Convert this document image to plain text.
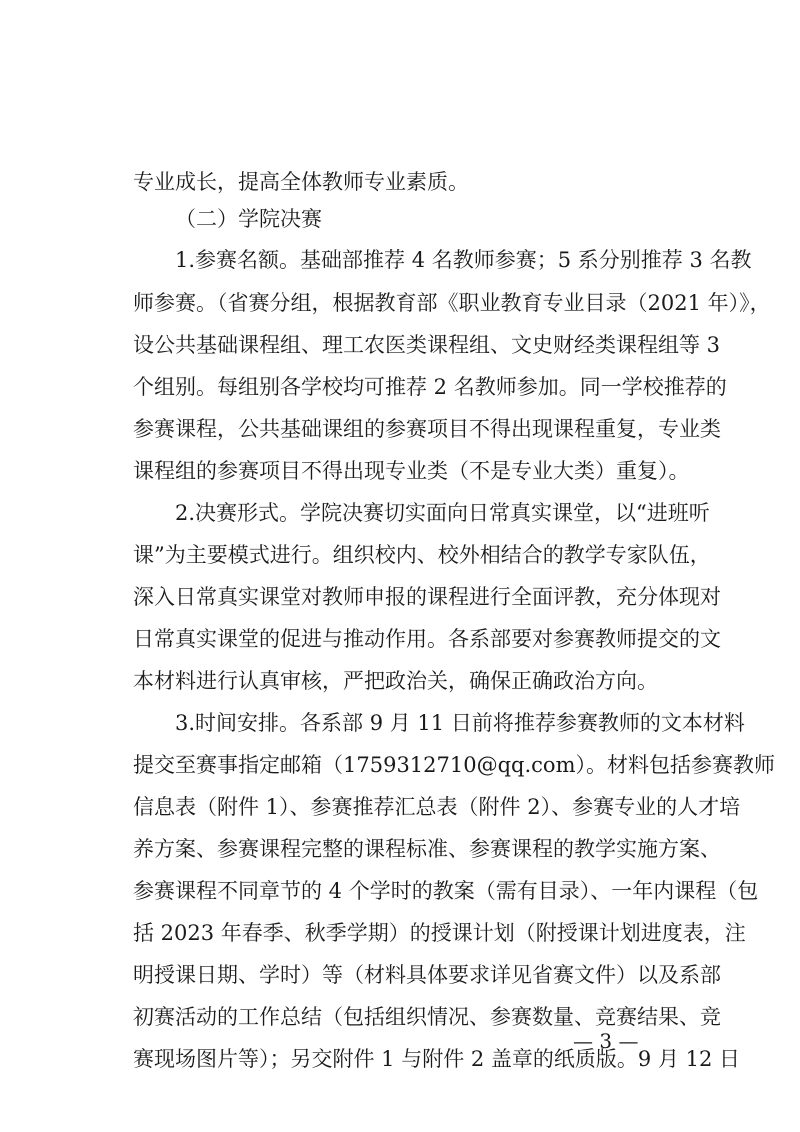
专业成长，提高全体教师专业素质。
（二）学院决赛
1.参赛名额。基础部推荐 4 名教师参赛；5 系分别推荐 3 名教
师参赛。（省赛分组，根据教育部《职业教育专业目录（2021 年）》，
设公共基础课程组、理工农医类课程组、文史财经类课程组等 3
个组别。每组别各学校均可推荐 2 名教师参加。同一学校推荐的
参赛课程，公共基础课组的参赛项目不得出现课程重复，专业类
课程组的参赛项目不得出现专业类（不是专业大类）重复）。
2.决赛形式。学院决赛切实面向日常真实课堂，以“进班听
课”为主要模式进行。组织校内、校外相结合的教学专家队伍，
深入日常真实课堂对教师申报的课程进行全面评教，充分体现对
日常真实课堂的促进与推动作用。各系部要对参赛教师提交的文
本材料进行认真审核，严把政治关，确保正确政治方向。
3.时间安排。各系部 9 月 11 日前将推荐参赛教师的文本材料
提交至赛事指定邮箱（1759312710@qq.com）。材料包括参赛教师
信息表（附件 1）、参赛推荐汇总表（附件 2）、参赛专业的人才培
养方案、参赛课程完整的课程标准、参赛课程的教学实施方案、
参赛课程不同章节的 4 个学时的教案（需有目录）、一年内课程（包
括 2023 年春季、秋季学期）的授课计划（附授课计划进度表，注
明授课日期、学时）等（材料具体要求详见省赛文件）以及系部
初赛活动的工作总结（包括组织情况、参赛数量、竞赛结果、竞
赛现场图片等）；另交附件 1 与附件 2 盖章的纸质版。9 月 12 日
— 3 —
